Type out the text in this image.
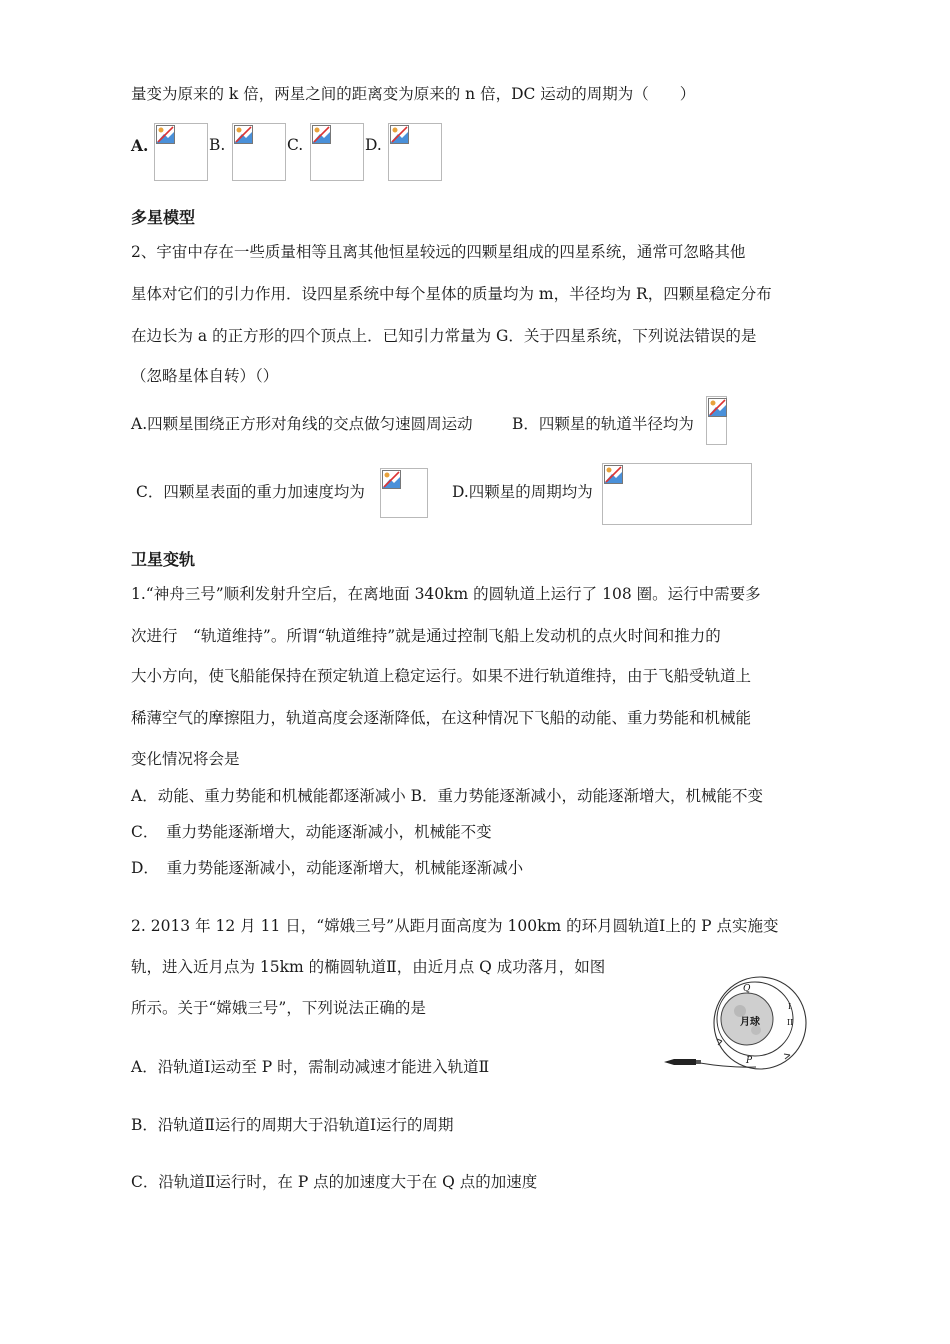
量变为原来的 k 倍，两星之间的距离变为原来的 n 倍，DC 运动的周期为（　　）
A.	B.	C.	D.
多星模型
2、宇宙中存在一些质量相等且离其他恒星较远的四颗星组成的四星系统，通常可忽略其他
星体对它们的引力作用．设四星系统中每个星体的质量均为 m，半径均为 R，四颗星稳定分布
在边长为 a 的正方形的四个顶点上．已知引力常量为 G．关于四星系统，下列说法错误的是
（忽略星体自转）（）
A.四颗星围绕正方形对角线的交点做匀速圆周运动	B．四颗星的轨道半径均为
C．四颗星表面的重力加速度均为	D.四颗星的周期均为
卫星变轨
1.“神舟三号”顺利发射升空后，在离地面 340km 的圆轨道上运行了 108 圈。运行中需要多
次进行　“轨道维持”。所谓“轨道维持”就是通过控制飞船上发动机的点火时间和推力的
大小方向，使飞船能保持在预定轨道上稳定运行。如果不进行轨道维持，由于飞船受轨道上
稀薄空气的摩擦阻力，轨道高度会逐渐降低，在这种情况下飞船的动能、重力势能和机械能
变化情况将会是
A．动能、重力势能和机械能都逐渐减小 B．重力势能逐渐减小，动能逐渐增大，机械能不变
C．　重力势能逐渐增大，动能逐渐减小，机械能不变
D．　重力势能逐渐减小，动能逐渐增大，机械能逐渐减小
2. 2013 年 12 月 11 日，“嫦娥三号”从距月面高度为 100km 的环月圆轨道Ⅰ上的 P 点实施变
轨，进入近月点为 15km 的椭圆轨道Ⅱ，由近月点 Q 成功落月，如图
所示。关于“嫦娥三号”，下列说法正确的是
A．沿轨道Ⅰ运动至 P 时，需制动减速才能进入轨道Ⅱ
B．沿轨道Ⅱ运行的周期大于沿轨道Ⅰ运行的周期
C．沿轨道Ⅱ运行时，在 P 点的加速度大于在 Q 点的加速度
月球
Q
P
I
II
